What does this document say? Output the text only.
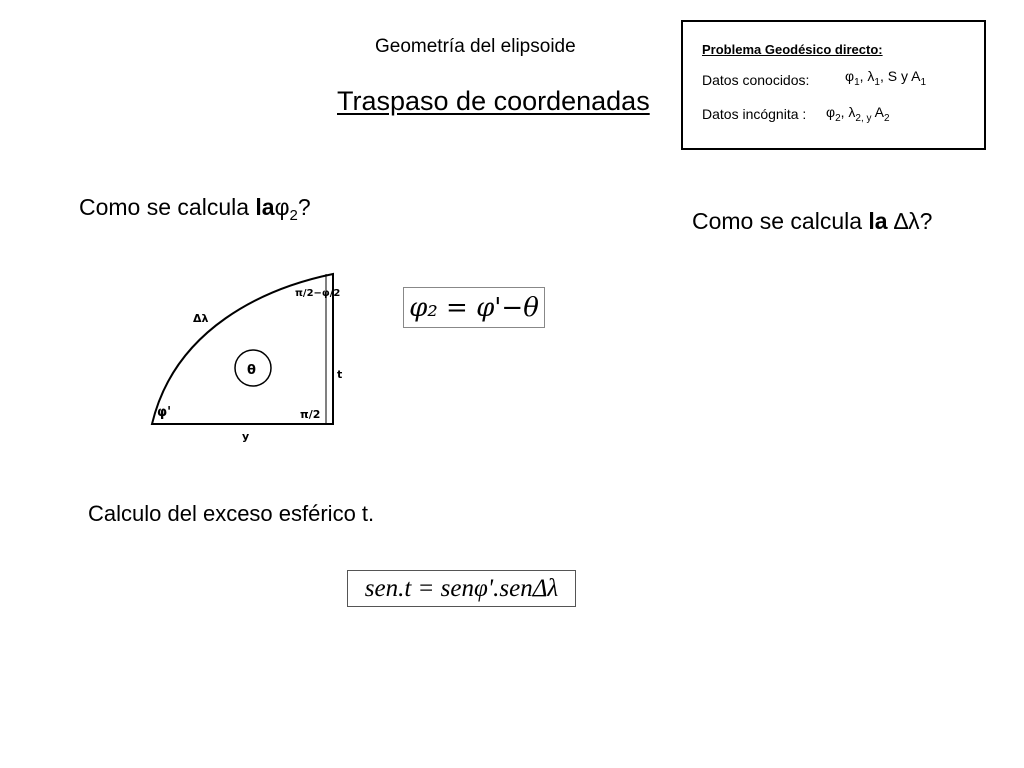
Geometría del elipsoide
Traspaso de coordenadas
Problema Geodésico directo:
Datos conocidos:	$\varphi_1$, $\lambda_1$, S y $A_1$
Datos incógnita : $\varphi_2$, $\lambda_{2, y}$ $A_2$
Como se calcula laφ$_2$?
Como se calcula la ∆λ?
φ₂ = φ'−θ
θ
Δλ
π/2−φ/2
t
φ'	π/2
y
Calculo del exceso esférico t.
sen.t = senφ'.senΔλ
